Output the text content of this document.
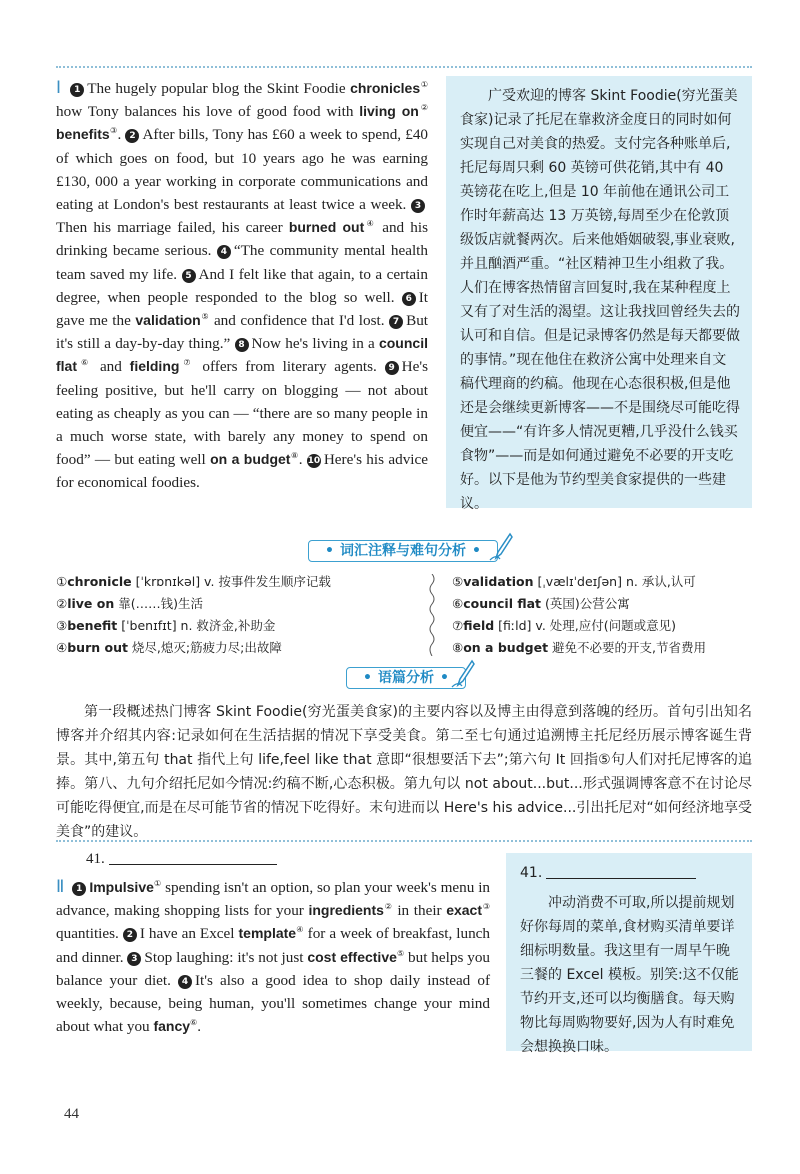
Ⅰ 1 The hugely popular blog the Skint Foodie chronicles① how Tony balances his love of good food with living on② benefits③. 2 After bills, Tony has £60 a week to spend, £40 of which goes on food, but 10 years ago he was earning £130, 000 a year working in corporate communications and eating at London's best restaurants at least twice a week. 3Then his marriage failed, his career burned out④ and his drinking became serious. 4 “The community mental health team saved my life. 5 And I felt like that again, to a certain degree, when people responded to the blog so well. 6 It gave me the validation⑤ and confidence that I'd lost. 7 But it's still a day-by-day thing.” 8 Now he's living in a council flat⑥ and fielding⑦ offers from literary agents. 9 He's feeling positive, but he'll carry on blogging — not about eating as cheaply as you can — “there are so many people in a much worse state, with barely any money to spend on food” — but eating well on a budget⑧. 10 Here's his advice for economical foodies.
广受欢迎的博客 Skint Foodie(穷光蛋美食家)记录了托尼在靠救济金度日的同时如何实现自己对美食的热爱。支付完各种账单后,托尼每周只剩 60 英镑可供花销,其中有 40 英镑花在吃上,但是 10 年前他在通讯公司工作时年薪高达 13 万英镑,每周至少在伦敦顶级饭店就餐两次。后来他婚姻破裂,事业衰败,并且酗酒严重。“社区精神卫生小组救了我。人们在博客热情留言回复时,我在某种程度上又有了对生活的渴望。这让我找回曾经失去的认可和自信。但是记录博客仍然是每天都要做的事情。”现在他住在救济公寓中处理来自文稿代理商的约稿。他现在心态很积极,但是他还是会继续更新博客——不是围绕尽可能吃得便宜——“有许多人情况更糟,几乎没什么钱买食物”——而是如何通过避免不必要的开支吃好。以下是他为节约型美食家提供的一些建议。
• 词汇注释与难句分析 •
①chronicle [ˈkrɒnɪkəl] v. 按事件发生顺序记载
②live on 靠(……钱)生活
③benefit [ˈbenɪfɪt] n. 救济金,补助金
④burn out 烧尽,熄灭;筋疲力尽;出故障
⑤validation [ˌvælɪˈdeɪʃən] n. 承认,认可
⑥council flat (英国)公营公寓
⑦field [fiːld] v. 处理,应付(问题或意见)
⑧on a budget 避免不必要的开支,节省费用
• 语篇分析 •
第一段概述热门博客 Skint Foodie(穷光蛋美食家)的主要内容以及博主由得意到落魄的经历。首句引出知名博客并介绍其内容:记录如何在生活拮据的情况下享受美食。第二至七句通过追溯博主托尼经历展示博客诞生背景。其中,第五句 that 指代上句 life,feel like that 意即“很想要活下去”;第六句 It 回指⑤句人们对托尼博客的追捧。第八、九句介绍托尼如今情况:约稿不断,心态积极。第九句以 not about...but...形式强调博客意不在讨论尽可能吃得便宜,而是在尽可能节省的情况下吃得好。末句进而以 Here's his advice...引出托尼对“如何经济地享受美食”的建议。
41.
Ⅱ 1 Impulsive① spending isn't an option, so plan your week's menu in advance, making shopping lists for your ingredients② in their exact③ quantities. 2 I have an Excel template④ for a week of breakfast, lunch and dinner. 3 Stop laughing: it's not just cost effective⑤ but helps you balance your diet. 4 It's also a good idea to shop daily instead of weekly, because, being human, you'll sometimes change your mind about what you fancy⑥.
41.
冲动消费不可取,所以提前规划好你每周的菜单,食材购买清单要详细标明数量。我这里有一周早午晚三餐的 Excel 模板。别笑:这不仅能节约开支,还可以均衡膳食。每天购物比每周购物要好,因为人有时难免会想换换口味。
44
